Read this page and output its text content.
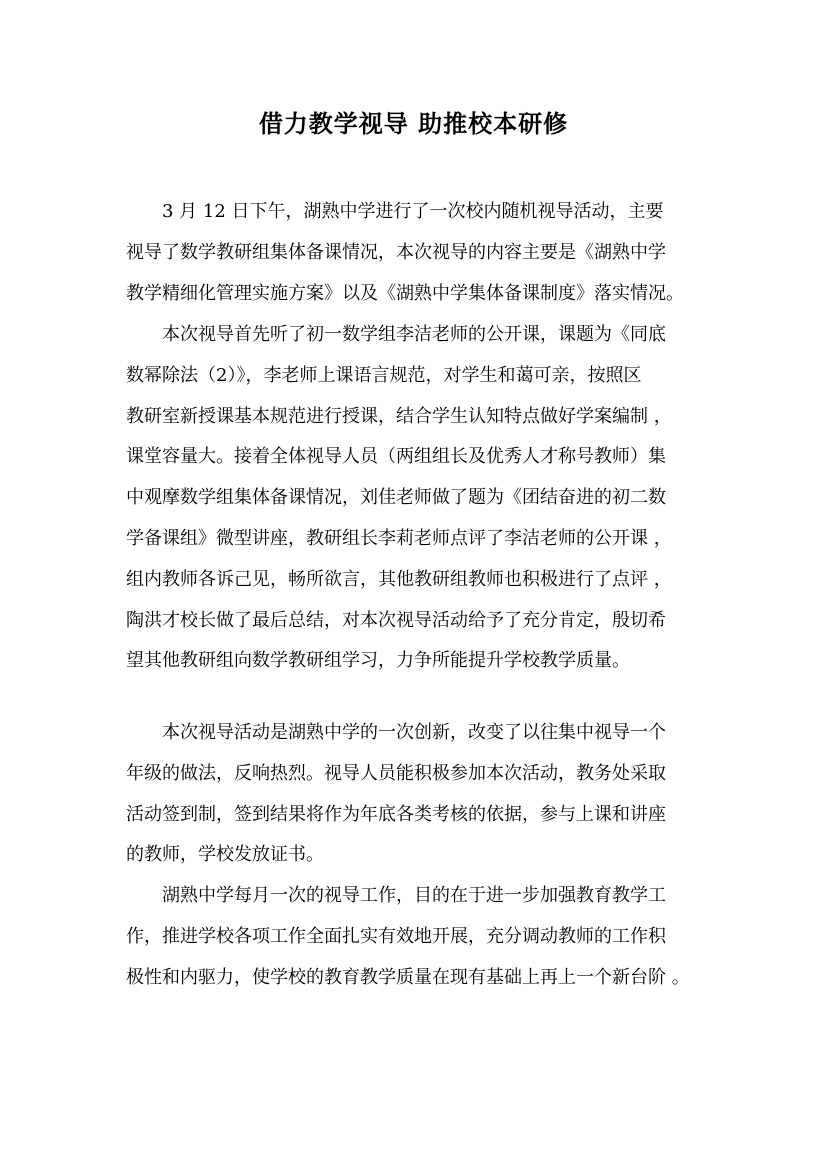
借力教学视导 助推校本研修
3 月 12 日下午，湖熟中学进行了一次校内随机视导活动，主要
视导了数学教研组集体备课情况，本次视导的内容主要是《湖熟中学
教学精细化管理实施方案》以及《湖熟中学集体备课制度》落实情况。
本次视导首先听了初一数学组李洁老师的公开课，课题为《同底
数幂除法（2）》，李老师上课语言规范，对学生和蔼可亲，按照区
教研室新授课基本规范进行授课，结合学生认知特点做好学案编制 ，
课堂容量大。接着全体视导人员（两组组长及优秀人才称号教师）集
中观摩数学组集体备课情况，刘佳老师做了题为《团结奋进的初二数
学备课组》微型讲座，教研组长李莉老师点评了李洁老师的公开课 ，
组内教师各诉己见，畅所欲言，其他教研组教师也积极进行了点评 ，
陶洪才校长做了最后总结，对本次视导活动给予了充分肯定，殷切希
望其他教研组向数学教研组学习，力争所能提升学校教学质量。
本次视导活动是湖熟中学的一次创新，改变了以往集中视导一个
年级的做法，反响热烈。视导人员能积极参加本次活动，教务处采取
活动签到制，签到结果将作为年底各类考核的依据，参与上课和讲座
的教师，学校发放证书。
湖熟中学每月一次的视导工作，目的在于进一步加强教育教学工
作，推进学校各项工作全面扎实有效地开展，充分调动教师的工作积
极性和内驱力，使学校的教育教学质量在现有基础上再上一个新台阶 。
